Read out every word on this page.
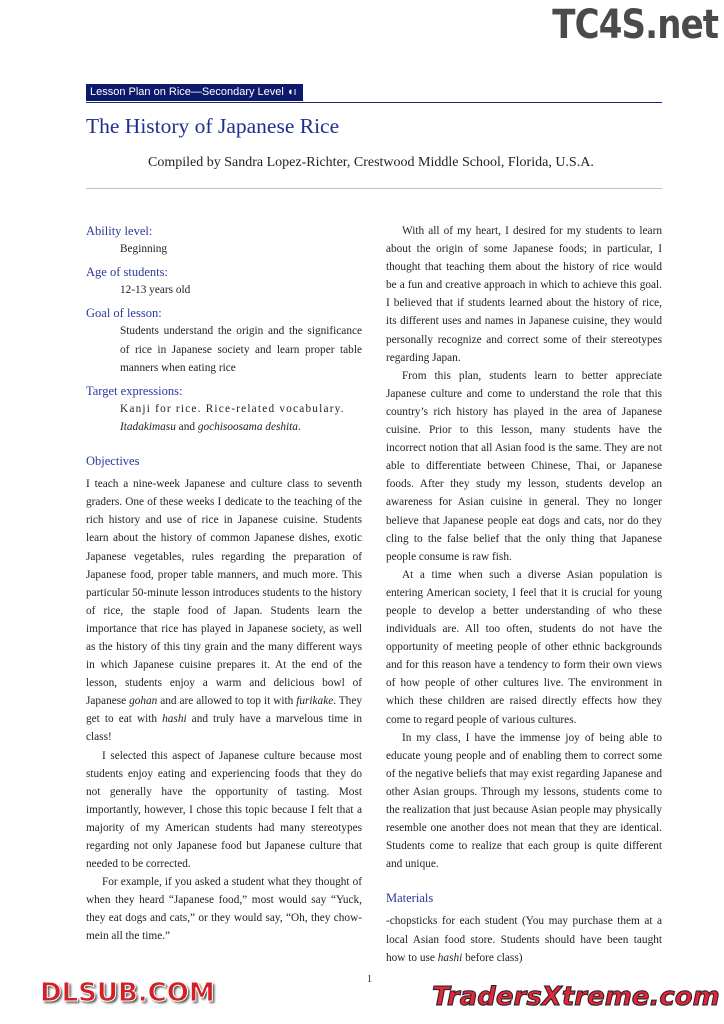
Lesson Plan on Rice—Secondary Level ◖ı
The History of Japanese Rice
Compiled by Sandra Lopez-Richter, Crestwood Middle School, Florida, U.S.A.

Ability level:

Beginning

Age of students:

12-13 years old

Goal of lesson:

Students understand the origin and the significance of rice in Japanese society and learn proper table manners when eating rice

Target expressions:

Kanji for rice. Rice-related vocabulary.

Itadakimasu and gochisoosama deshita.

Objectives

I teach a nine-week Japanese and culture class to seventh graders. One of these weeks I dedicate to the teaching of the rich history and use of rice in Japanese cuisine. Students learn about the history of common Japanese dishes, exotic Japanese vegetables, rules regarding the preparation of Japanese food, proper table manners, and much more. This particular 50-minute lesson introduces students to the history of rice, the staple food of Japan. Students learn the importance that rice has played in Japanese society, as well as the history of this tiny grain and the many different ways in which Japanese cuisine prepares it. At the end of the lesson, students enjoy a warm and delicious bowl of Japanese gohan and are allowed to top it with furikake. They get to eat with hashi and truly have a marvelous time in class!

I selected this aspect of Japanese culture because most students enjoy eating and experiencing foods that they do not generally have the opportunity of tasting. Most importantly, however, I chose this topic because I felt that a majority of my American students had many stereotypes regarding not only Japanese food but Japanese culture that needed to be corrected.

For example, if you asked a student what they thought of when they heard “Japanese food,” most would say “Yuck, they eat dogs and cats,” or they would say, “Oh, they chow-mein all the time.”

With all of my heart, I desired for my students to learn about the origin of some Japanese foods; in particular, I thought that teaching them about the history of rice would be a fun and creative approach in which to achieve this goal. I believed that if students learned about the history of rice, its different uses and names in Japanese cuisine, they would personally recognize and correct some of their stereotypes regarding Japan.

From this plan, students learn to better appreciate Japanese culture and come to understand the role that this country’s rich history has played in the area of Japanese cuisine. Prior to this lesson, many students have the incorrect notion that all Asian food is the same. They are not able to differentiate between Chinese, Thai, or Japanese foods. After they study my lesson, students develop an awareness for Asian cuisine in general. They no longer believe that Japanese people eat dogs and cats, nor do they cling to the false belief that the only thing that Japanese people consume is raw fish.

At a time when such a diverse Asian population is entering American society, I feel that it is crucial for young people to develop a better understanding of who these individuals are. All too often, students do not have the opportunity of meeting people of other ethnic backgrounds and for this reason have a tendency to form their own views of how people of other cultures live. The environment in which these children are raised directly effects how they come to regard people of various cultures.

In my class, I have the immense joy of being able to educate young people and of enabling them to correct some of the negative beliefs that may exist regarding Japanese and other Asian groups. Through my lessons, students come to the realization that just because Asian people may physically resemble one another does not mean that they are identical. Students come to realize that each group is quite different and unique.

Materials

-chopsticks for each student (You may purchase them at a local Asian food store. Students should have been taught how to use hashi before class)

1
TC4S.net
DLSUB.COM	TradersXtreme.com
